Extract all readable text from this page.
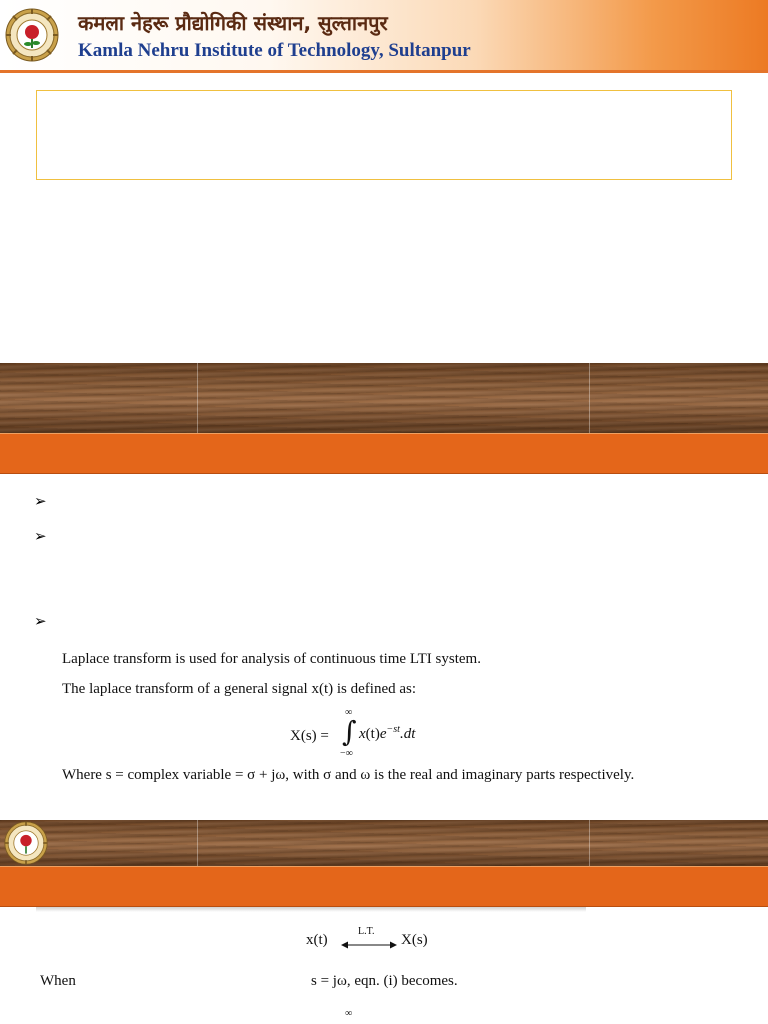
कमला नेहरू प्रौद्योगिकी संस्थान, सुल्तानपुर
Kamla Nehru Institute of Technology, Sultanpur
➢
➢
➢
Laplace transform is used for analysis of continuous time LTI system.
The laplace transform of a general signal x(t) is defined as:
X(s) =
∞
∫
−∞
$x(t)e^{-st}.dt$
Where s = complex variable = σ + jω, with σ and ω is the real and imaginary parts respectively.
x(t)
L.T.
X(s)
When	s = jω, eqn. (i) becomes.
∞
